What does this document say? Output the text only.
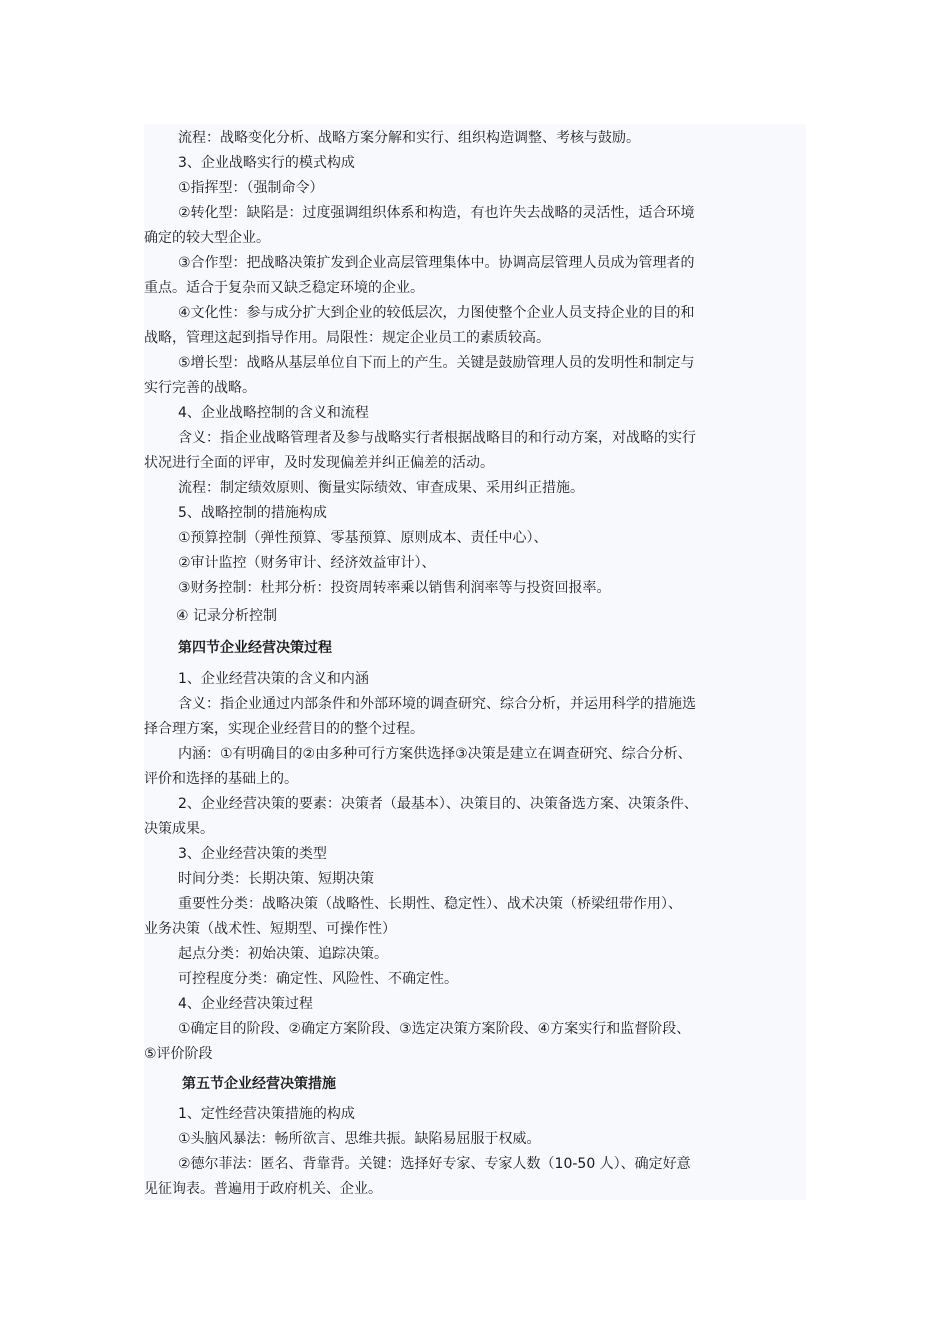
流程：战略变化分析、战略方案分解和实行、组织构造调整、考核与鼓励。
3、企业战略实行的模式构成
①指挥型：（强制命令）
②转化型：缺陷是：过度强调组织体系和构造，有也许失去战略的灵活性，适合环境
确定的较大型企业。
③合作型：把战略决策扩发到企业高层管理集体中。协调高层管理人员成为管理者的
重点。适合于复杂而又缺乏稳定环境的企业。
④文化性：参与成分扩大到企业的较低层次，力图使整个企业人员支持企业的目的和
战略，管理这起到指导作用。局限性：规定企业员工的素质较高。
⑤增长型：战略从基层单位自下而上的产生。关键是鼓励管理人员的发明性和制定与
实行完善的战略。
4、企业战略控制的含义和流程
含义：指企业战略管理者及参与战略实行者根据战略目的和行动方案，对战略的实行
状况进行全面的评审，及时发现偏差并纠正偏差的活动。
流程：制定绩效原则、衡量实际绩效、审查成果、采用纠正措施。
5、战略控制的措施构成
①预算控制（弹性预算、零基预算、原则成本、责任中心）、
②审计监控（财务审计、经济效益审计）、
③财务控制：杜邦分析：投资周转率乘以销售利润率等与投资回报率。
④ 记录分析控制
第四节企业经营决策过程
1、企业经营决策的含义和内涵
含义：指企业通过内部条件和外部环境的调查研究、综合分析，并运用科学的措施选
择合理方案，实现企业经营目的的整个过程。
内涵：①有明确目的②由多种可行方案供选择③决策是建立在调查研究、综合分析、
评价和选择的基础上的。
2、企业经营决策的要素：决策者（最基本）、决策目的、决策备选方案、决策条件、
决策成果。
3、企业经营决策的类型
时间分类：长期决策、短期决策
重要性分类：战略决策（战略性、长期性、稳定性）、战术决策（桥梁纽带作用）、
业务决策（战术性、短期型、可操作性）
起点分类：初始决策、追踪决策。
可控程度分类：确定性、风险性、不确定性。
4、企业经营决策过程
①确定目的阶段、②确定方案阶段、③选定决策方案阶段、④方案实行和监督阶段、
⑤评价阶段
第五节企业经营决策措施
1、定性经营决策措施的构成
①头脑风暴法：畅所欲言、思维共振。缺陷易屈服于权威。
②德尔菲法：匿名、背靠背。关键：选择好专家、专家人数（10-50 人）、确定好意
见征询表。普遍用于政府机关、企业。
